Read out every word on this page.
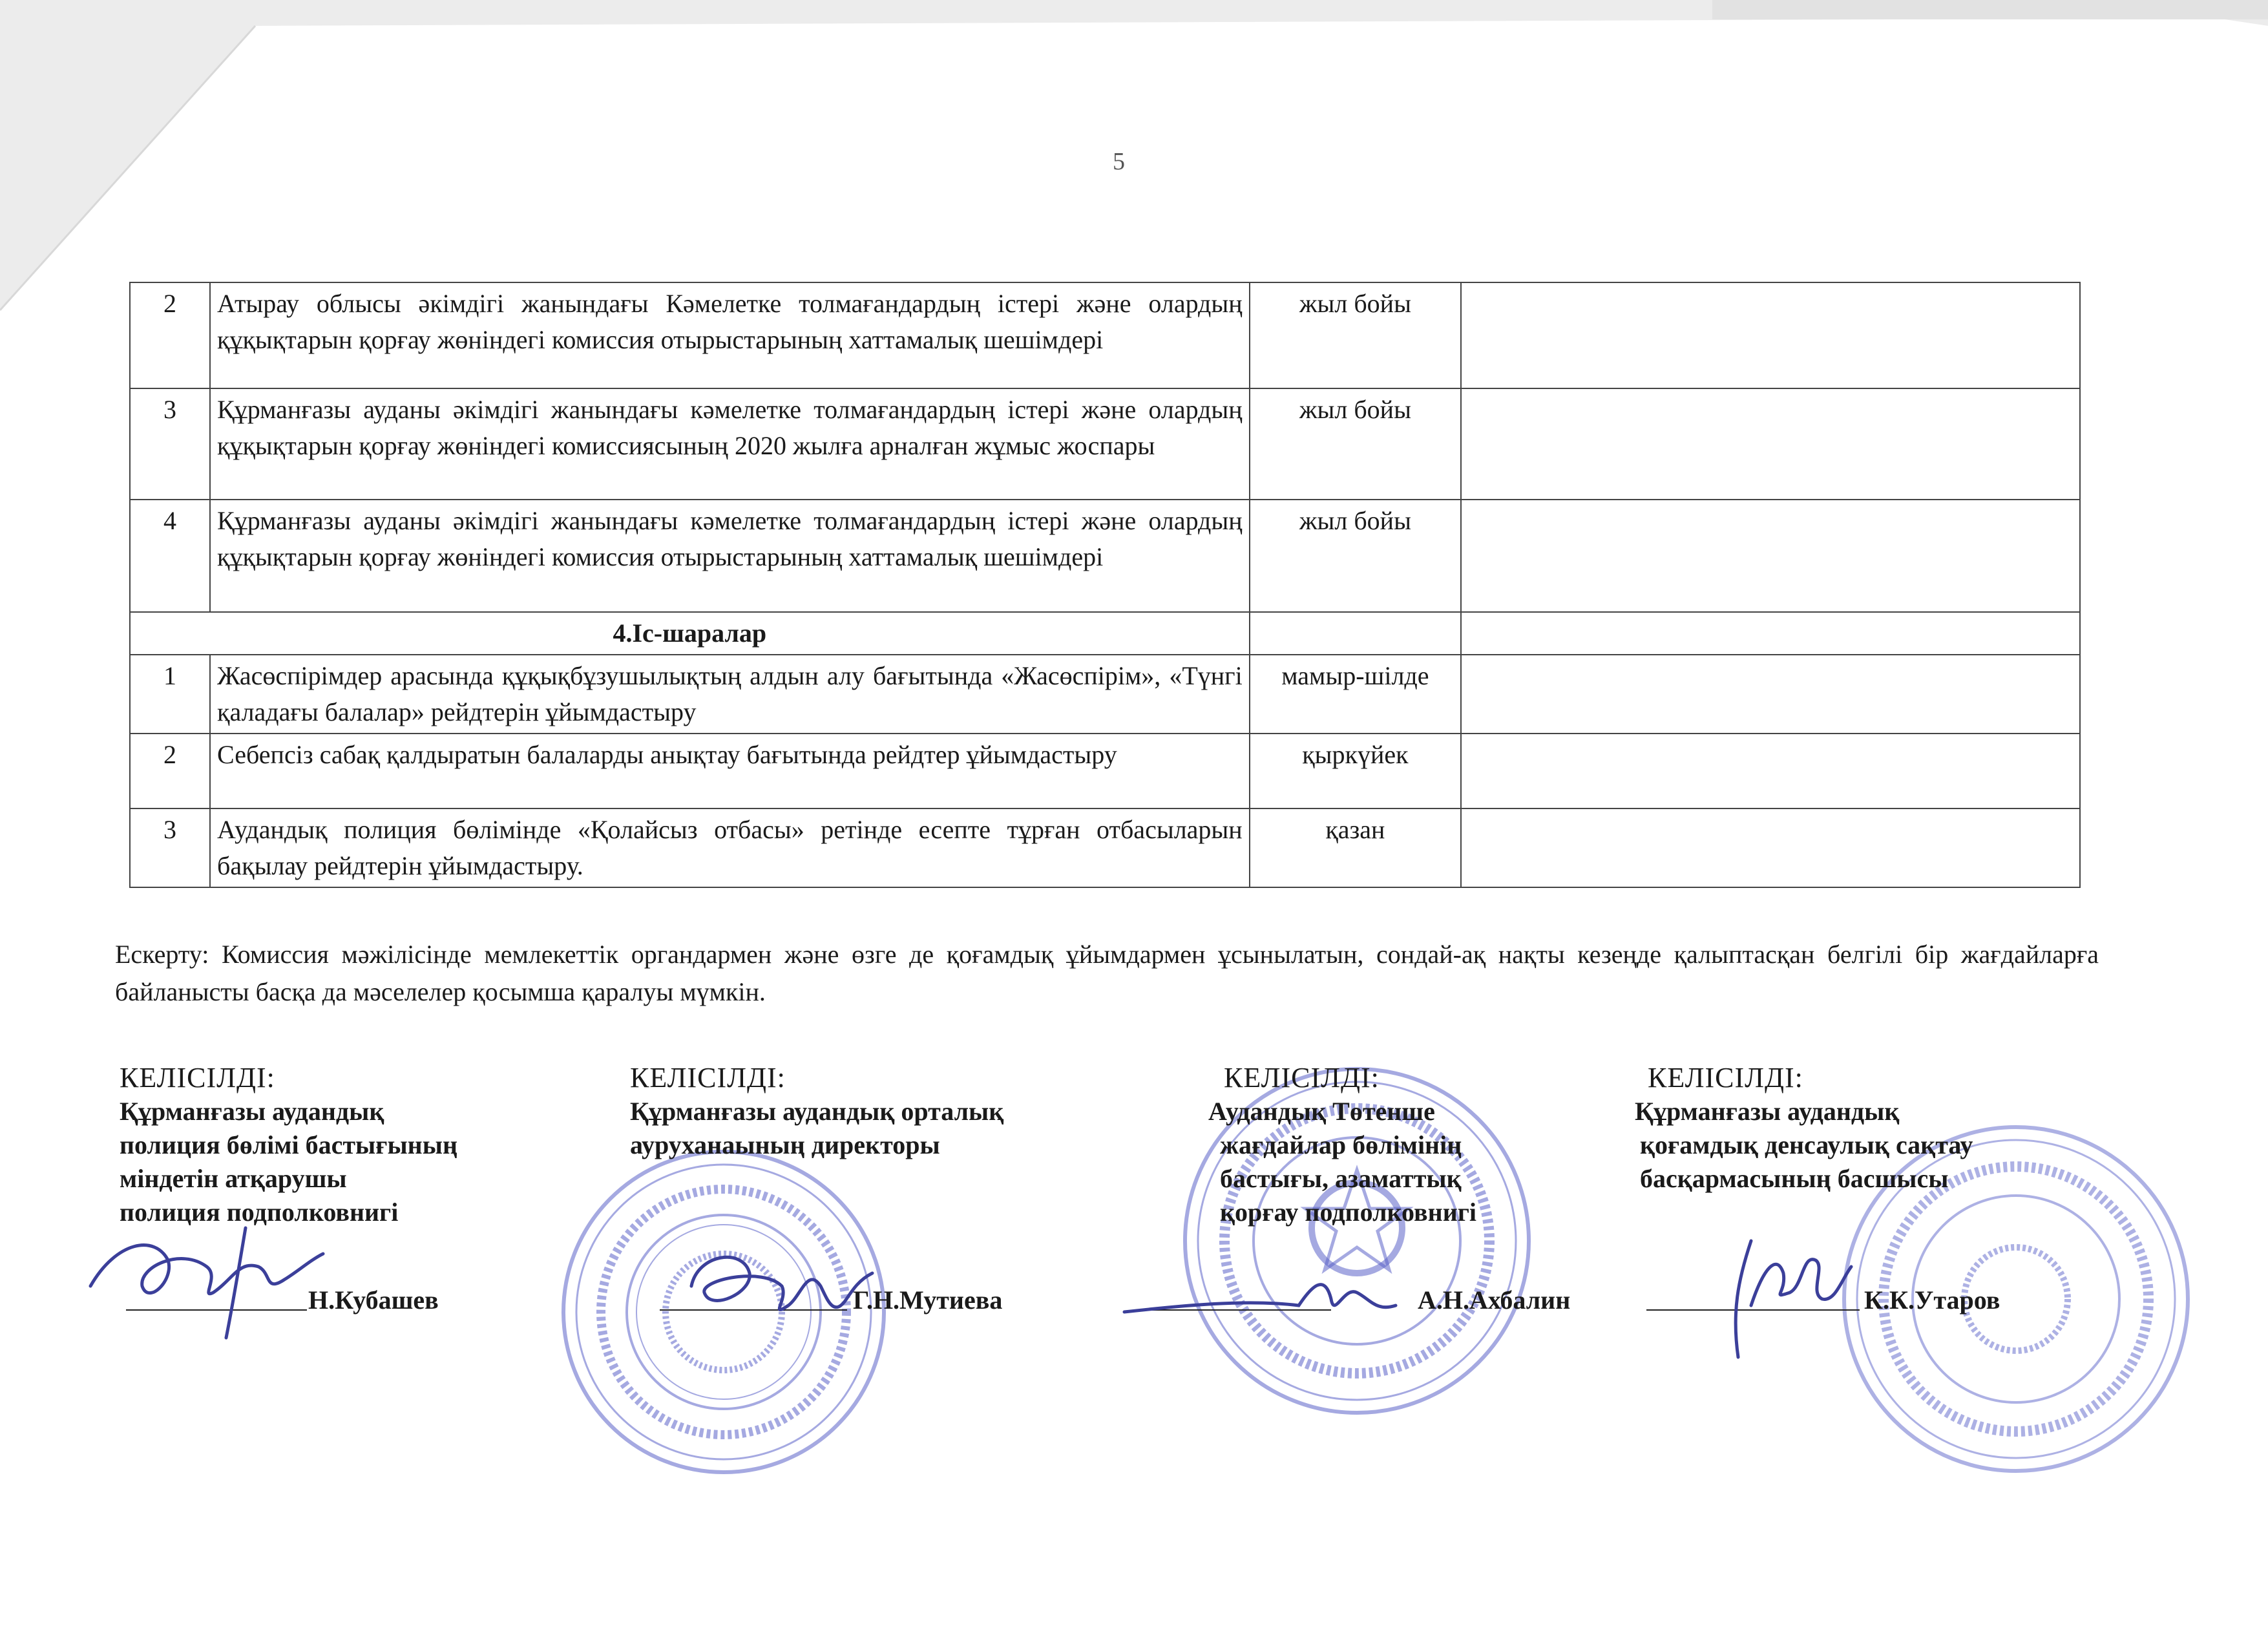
5
2	Атырау облысы әкімдігі жанындағы Кәмелетке толмағандардың істері және олардың құқықтарын қорғау жөніндегі комиссия отырыстарының хаттамалық шешімдері	жыл бойы	
3	Құрманғазы ауданы әкімдігі жанындағы кәмелетке толмағандардың істері және олардың құқықтарын қорғау жөніндегі комиссиясының 2020 жылға арналған жұмыс жоспары	жыл бойы	
4	Құрманғазы ауданы әкімдігі жанындағы кәмелетке толмағандардың істері және олардың құқықтарын қорғау жөніндегі комиссия отырыстарының хаттамалық шешімдері	жыл бойы	
4.Іс-шаралар			
1	Жасөспірімдер арасында құқықбұзушылықтың алдын алу бағытында «Жасөспірім», «Түнгі қаладағы балалар» рейдтерін ұйымдастыру	мамыр-шілде	
2	Себепсіз сабақ қалдыратын балаларды анықтау бағытында рейдтер ұйымдастыру	қыркүйек	
3	Аудандық полиция бөлімінде «Қолайсыз отбасы» ретінде есепте тұрған отбасыларын бақылау рейдтерін ұйымдастыру.	қазан	
Ескерту: Комиссия мәжілісінде мемлекеттік органдармен және өзге де қоғамдық ұйымдармен ұсынылатын, сондай-ақ нақты кезеңде қалыптасқан белгілі бір жағдайларға байланысты басқа да мәселелер қосымша қаралуы мүмкін.
КЕЛІСІЛДІ:
Құрманғазы аудандық
полиция бөлімі бастығының
міндетін атқарушы
полиция подполковнигі
Н.Кубашев
КЕЛІСІЛДІ:
Құрманғазы аудандық орталық
ауруханаының директоры
Г.Н.Мутиева
КЕЛІСІЛДІ:
Аудандық Төтенше
жағдайлар бөлімінің
бастығы, азаматтық
қорғау подполковнигі
А.Н.Ахбалин
КЕЛІСІЛДІ:
Құрманғазы аудандық
қоғамдық денсаулық сақтау
басқармасының басшысы
К.К.Утаров
